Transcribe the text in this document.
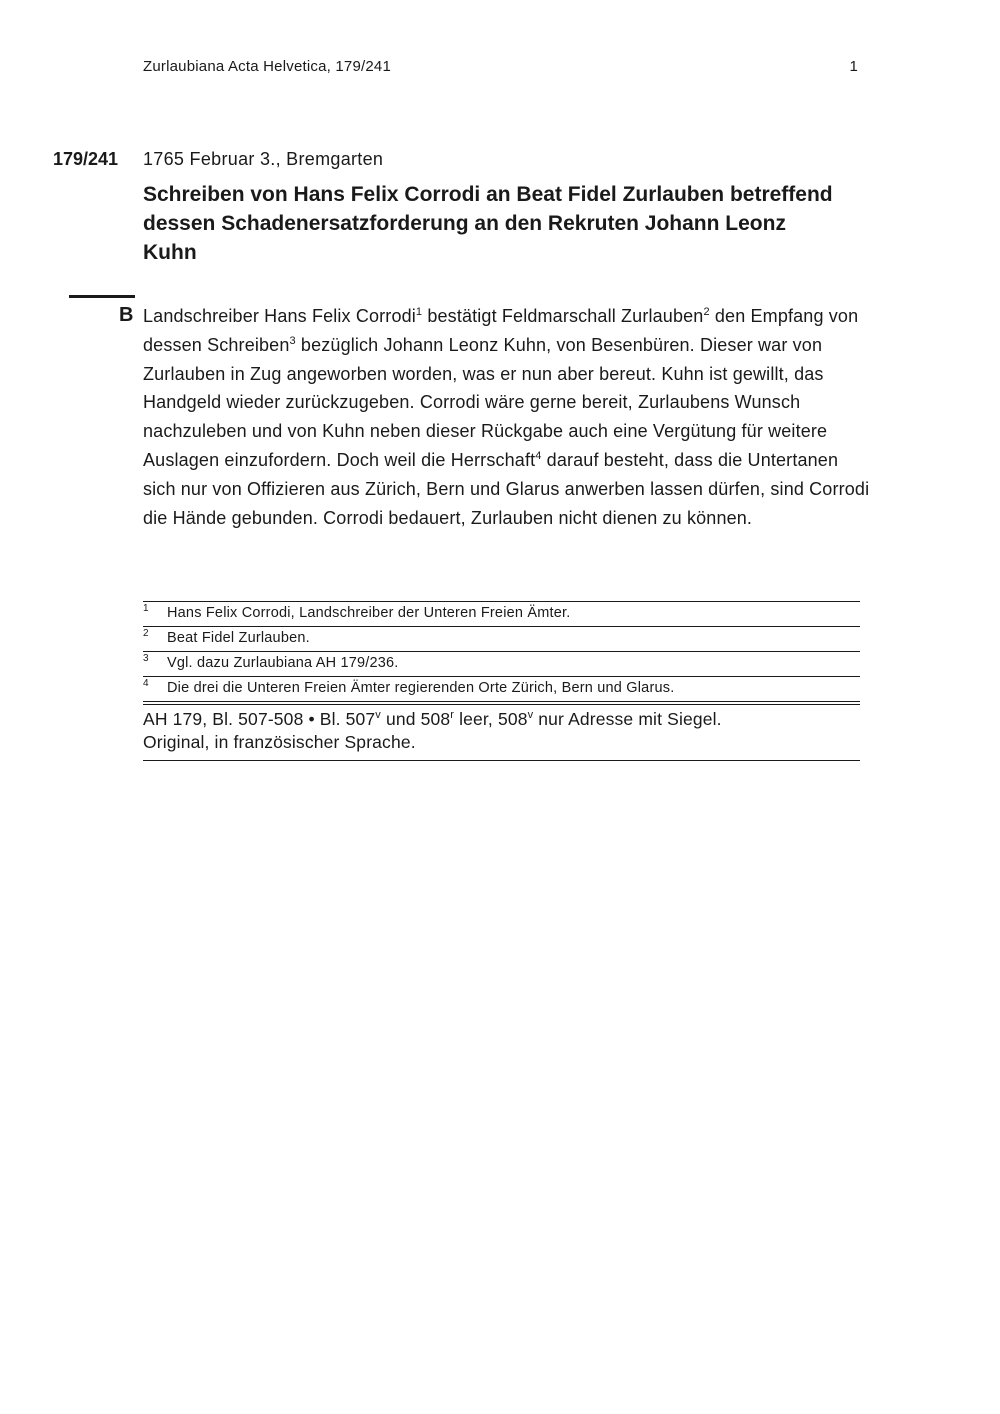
Zurlaubiana Acta Helvetica, 179/241	1
179/241 1765 Februar 3., Bremgarten
Schreiben von Hans Felix Corrodi an Beat Fidel Zurlauben betreffend dessen Schadenersatzforderung an den Rekruten Johann Leonz Kuhn
B Landschreiber Hans Felix Corrodi$^1$ bestätigt Feldmarschall Zurlauben$^2$ den Empfang von dessen Schreiben$^3$ bezüglich Johann Leonz Kuhn, von Besenbüren. Dieser war von Zurlauben in Zug angeworben worden, was er nun aber bereut. Kuhn ist gewillt, das Handgeld wieder zurückzugeben. Corrodi wäre gerne bereit, Zurlaubens Wunsch nachzuleben und von Kuhn neben dieser Rückgabe auch eine Vergütung für weitere Auslagen einzufordern. Doch weil die Herrschaft$^4$ darauf besteht, dass die Untertanen sich nur von Offizieren aus Zürich, Bern und Glarus anwerben lassen dürfen, sind Corrodi die Hände gebunden. Corrodi bedauert, Zurlauben nicht dienen zu können.

1 Hans Felix Corrodi, Landschreiber der Unteren Freien Ämter.
2 Beat Fidel Zurlauben.
3 Vgl. dazu Zurlaubiana AH 179/236.
4 Die drei die Unteren Freien Ämter regierenden Orte Zürich, Bern und Glarus.
AH 179, Bl. 507-508 • Bl. 507$^v$ und 508$^r$ leer, 508$^v$ nur Adresse mit Siegel.
Original, in französischer Sprache.
